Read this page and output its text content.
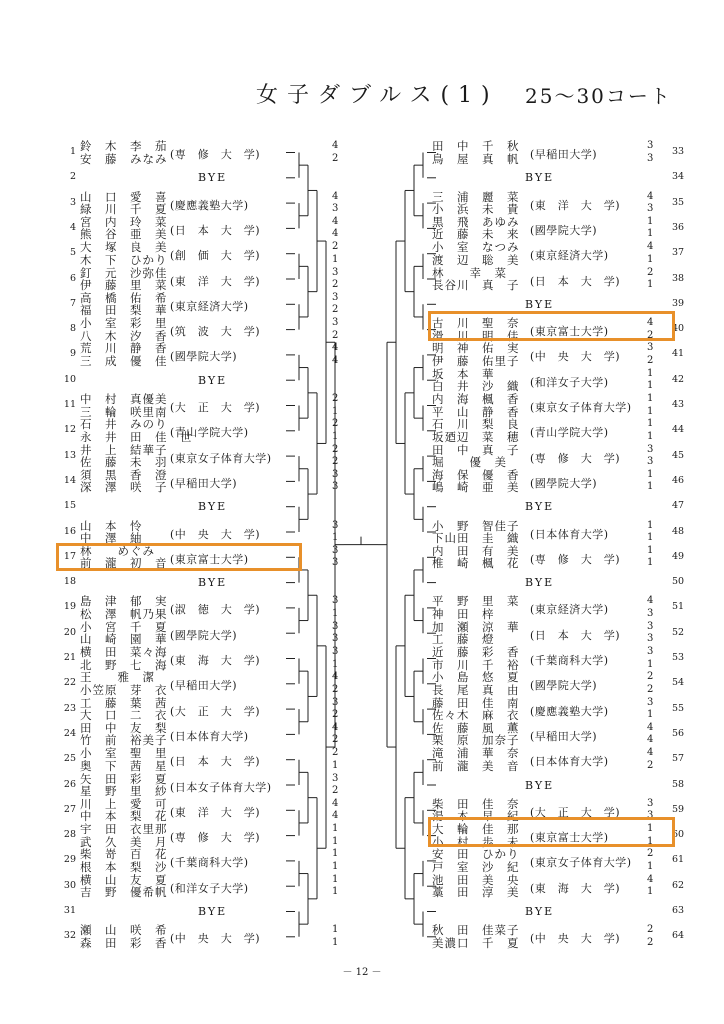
女子ダブルス(1) 25～30コート
1 鈴　木　李　茄
安　藤　みなみ (専　修　大　学)
4
2
2	BYE
3 山　口　愛　喜
緑　川　千　夏 (慶應義塾大学)
4
3
4 宮　内　玲　菜
熊　谷　亜　美 (日　本　大　学)
4
4
5 大　塚　良　美
木　下　ひかり (創　価　大　学)
2
1
6 釘　元　沙弥佳
伊　藤　里　菜 (東　洋　大　学)
3
2
7 高　橋　佑　希
福　田　梨　華 (東京経済大学)
3
2
8 小　室　彩　里
八　木　汐　香 (筑　波　大　学)
3
2
9 荒　川　静　香
三　成　優　佳 (國學院大学)
4
4
10	BYE
11 中　村　真優美
三　輪　咲里南 (大　正　大　学)
2
1
12 石　井　みのり
永　井　田　佳　世
(青山学院大学)
2
1
13 井　上　結華子
佐　藤　未　羽 (東京女子体育大学)
2
2
14 須　黒　香　澄
深　澤　咲　子 (早稲田大学)
3
3
15	BYE
16 山　本　怜
中　澤　紬	(中　央　大　学)
3
1
17 林　　めぐみ
前　瀧　初　音 (東京富士大学)
3
3
18	BYE
19 島　津　郁　実
松　澤　帆乃果 (淑　徳　大　学)
3
1
20 小　宮　千　夏
山　崎　園　華 (國學院大学)
3
3
21 横　田　菜々海
北　野　七　海 (東　海　大　学)
3
1
22 王　　雅　潔
小笠原　芽　衣 (早稲田大学)
4
2
23 工　藤　葉　茜
大　口　二　衣 (大　正　大　学)
3
2
24 田　中　友　梨
竹　前　裕美子 (日本体育大学)
4
2
25 小　室　聖　里
奥　下　茜　星 (日　本　大　学)
2
1
26 矢　田　彩　夏
星　野　里　紗 (日本女子体育大学)
3
2
27 川　上　愛　可
中　本　梨　花 (東　洋　大　学)
4
4
28 宇　田　衣里那
武　久　美　月 (専　修　大　学)
1
1
29 柴　嵜　百　花
根　本　梨　沙 (千葉商科大学)
1
1
30 横　山　友　夏
吉　野　優希帆 (和洋女子大学)
1
1
31	BYE
32 瀬　山　咲　希
森　田　彩　香 (中　央　大　学)
1
1
33
田　中　千　秋
鳥　屋　真　帆 (早稲田大学)
3
3
34
BYE
35
三　浦　麗　菜
小　浜　未　貴 (東　洋　大　学)
4
3
36
黒　飛　あゆみ
近　藤　未　来 (國學院大学)
1
1
37
小　室　なつみ
渡　辺　聡　美 (東京経済大学)
4
1
38
林　　幸　菜
長谷川　真　子 (日　本　大　学)
2
1
39
BYE
40
古　川　聖　奈
滑　川　明　佳 (東京富士大学)
4
2
41
明　神　佑　実
伊　藤　佑里子 (中　央　大　学)
3
2
42
坂　本　華
白　井　沙　織 (和洋女子大学)
1
1
43
内　海　楓　香
平　山　静　香 (東京女子体育大学)
1
1
44
石　川　梨　良
坂廼辺　菜　穂 (青山学院大学)
1
1
45
田　中　真　子
堀　　優　美	(専　修　大　学)
3
3
46
海　保　優　香
嶋　崎　亜　美 (國學院大学)
1
1
47
BYE
48
小　野　智佳子
下山田　圭　織 (日本体育大学)
1
1
49
内　田　有　美
椎　崎　楓　花 (専　修　大　学)
1
1
50
BYE
51
平　野　里　菜
神　田　梓	(東京経済大学)
4
3
52
加　瀬　涼　華
工　藤　燈	(日　本　大　学)
3
3
53
近　藤　彩　香
市　川　千　裕 (千葉商科大学)
3
1
54
小　島　悠　夏
長　尾　真　由 (國學院大学)
2
2
55
藤　田　佳　南
佐々木　麻　衣 (慶應義塾大学)
3
1
56
佐　藤　風　薫
栗　原　加奈子 (早稲田大学)
4
4
57
滝　浦　華　奈
前　瀧　美　音 (日本体育大学)
4
2
58
BYE
59
柴　田　佳　奈
湯　本　早　紀 (大　正　大　学)
3
3
60
大　輪　佳　那
小　村　歩　未 (東京富士大学)
1
1
61
安　田　ひかり
戸　室　沙　紀 (東京女子体育大学)
2
1
62
池　田　美　央
藁　田　淳　美 (東　海　大　学)
4
1
63
BYE
64
秋　田　佳菜子
美濃口　千　夏 (中　央　大　学)
2
2
－ 12 －
